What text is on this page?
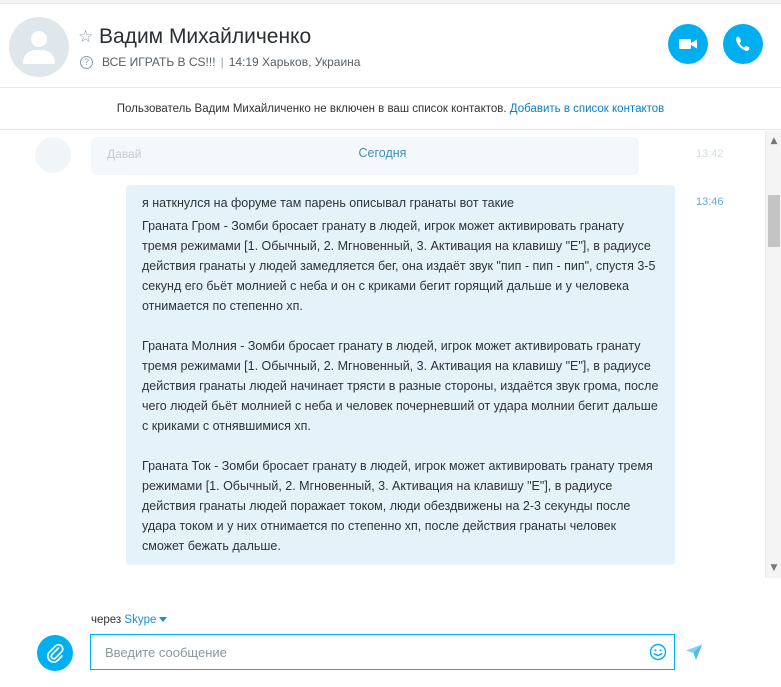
☆ Вадим Михайличенко
?	ВСЕ ИГРАТЬ В CS!!! | 14:19 Харьков, Украина
Пользователь Вадим Михайличенко не включен в ваш список контактов. Добавить в список контактов
Давай	13:42
Сегодня
я наткнулся на форуме там парень описывал гранаты вот такие
Граната Гром - Зомби бросает гранату в людей, игрок может активировать гранату тремя режимами [1. Обычный, 2. Мгновенный, 3. Активация на клавишу "E"], в радиусе действия гранаты у людей замедляется бег, она издаёт звук "пип - пип - пип", спустя 3-5 секунд его бьёт молнией с неба и он с криками бегит горящий дальше и у человека отнимается по степенно хп.
Граната Молния - Зомби бросает гранату в людей, игрок может активировать гранату тремя режимами [1. Обычный, 2. Мгновенный, 3. Активация на клавишу "E"], в радиусе действия гранаты людей начинает трясти в разные стороны, издаётся звук грома, после чего людей бьёт молнией с неба и человек почерневший от удара молнии бегит дальше с криками с отнявшимися хп.
Граната Ток - Зомби бросает гранату в людей, игрок может активировать гранату тремя режимами [1. Обычный, 2. Мгновенный, 3. Активация на клавишу "E"], в радиусе действия гранаты людей поражает током, люди обездвижены на 2-3 секунды после удара током и у них отнимается по степенно хп, после действия гранаты человек сможет бежать дальше.
13:46
▲
▼
через Skype
Введите сообщение
